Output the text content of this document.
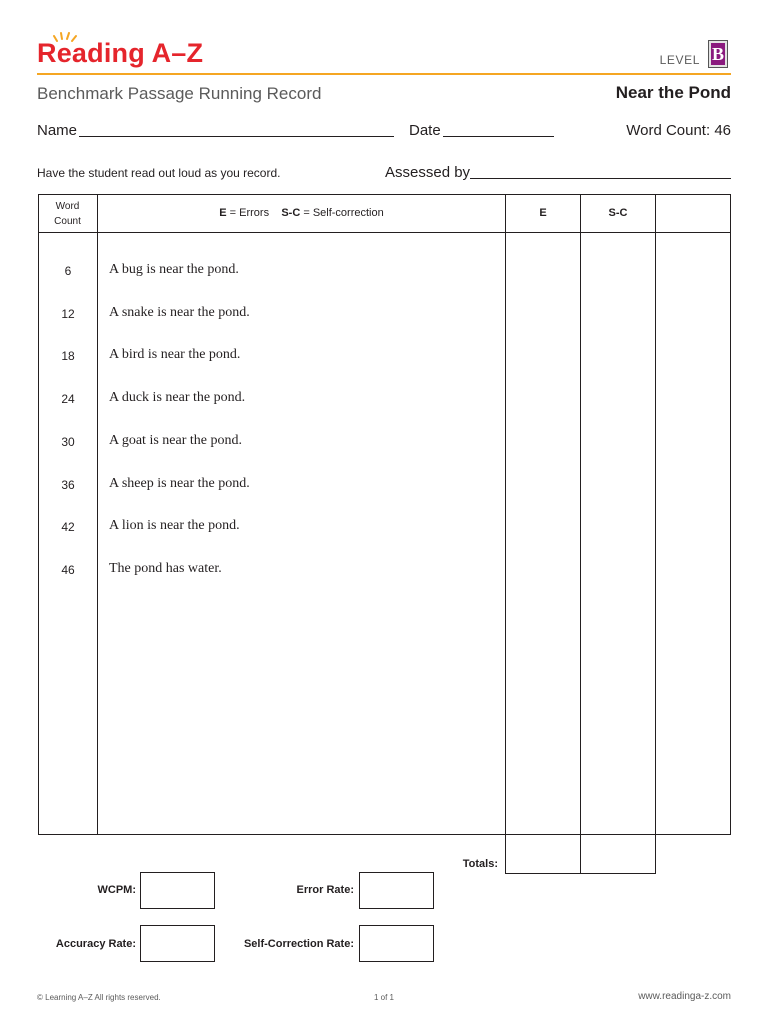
Reading A–Z	LEVEL B
Benchmark Passage Running Record	Near the Pond
Name	Date	Word Count: 46
Have the student read out loud as you record.	Assessed by
Word
Count
E = Errors S-C = Self-correction	E	S-C
6	A bug is near the pond.
12	A snake is near the pond.
18	A bird is near the pond.
24	A duck is near the pond.
30	A goat is near the pond.
36	A sheep is near the pond.
42	A lion is near the pond.
46	The pond has water.
Totals:
WCPM:	Error Rate:
Accuracy Rate:	Self-Correction Rate:
© Learning A–Z All rights reserved.	1 of 1	www.readinga-z.com
